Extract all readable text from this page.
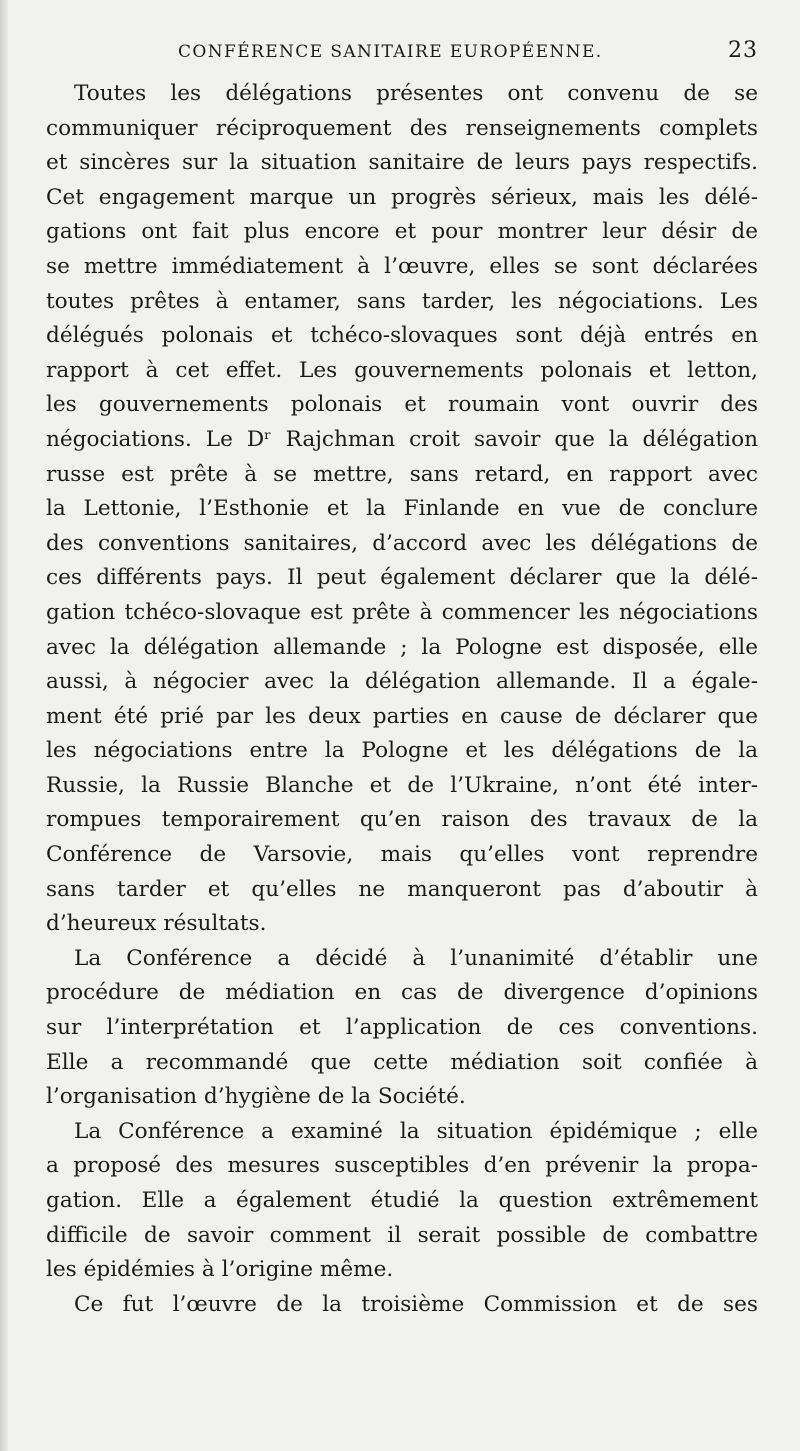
CONFÉRENCE SANITAIRE EUROPÉENNE.	23
Toutes les délégations présentes ont convenu de se
communiquer réciproquement des renseignements complets
et sincères sur la situation sanitaire de leurs pays respectifs.
Cet engagement marque un progrès sérieux, mais les délé-
gations ont fait plus encore et pour montrer leur désir de
se mettre immédiatement à l’œuvre, elles se sont déclarées
toutes prêtes à entamer, sans tarder, les négociations. Les
délégués polonais et tchéco-slovaques sont déjà entrés en
rapport à cet effet. Les gouvernements polonais et letton,
les gouvernements polonais et roumain vont ouvrir des
négociations. Le Dʳ Rajchman croit savoir que la délégation
russe est prête à se mettre, sans retard, en rapport avec
la Lettonie, l’Esthonie et la Finlande en vue de conclure
des conventions sanitaires, d’accord avec les délégations de
ces différents pays. Il peut également déclarer que la délé-
gation tchéco-slovaque est prête à commencer les négociations
avec la délégation allemande ; la Pologne est disposée, elle
aussi, à négocier avec la délégation allemande. Il a égale-
ment été prié par les deux parties en cause de déclarer que
les négociations entre la Pologne et les délégations de la
Russie, la Russie Blanche et de l’Ukraine, n’ont été inter-
rompues temporairement qu’en raison des travaux de la
Conférence de Varsovie, mais qu’elles vont reprendre
sans tarder et qu’elles ne manqueront pas d’aboutir à
d’heureux résultats.
La Conférence a décidé à l’unanimité d’établir une
procédure de médiation en cas de divergence d’opinions
sur l’interprétation et l’application de ces conventions.
Elle a recommandé que cette médiation soit confiée à
l’organisation d’hygiène de la Société.
La Conférence a examiné la situation épidémique ; elle
a proposé des mesures susceptibles d’en prévenir la propa-
gation. Elle a également étudié la question extrêmement
difficile de savoir comment il serait possible de combattre
les épidémies à l’origine même.
Ce fut l’œuvre de la troisième Commission et de ses
